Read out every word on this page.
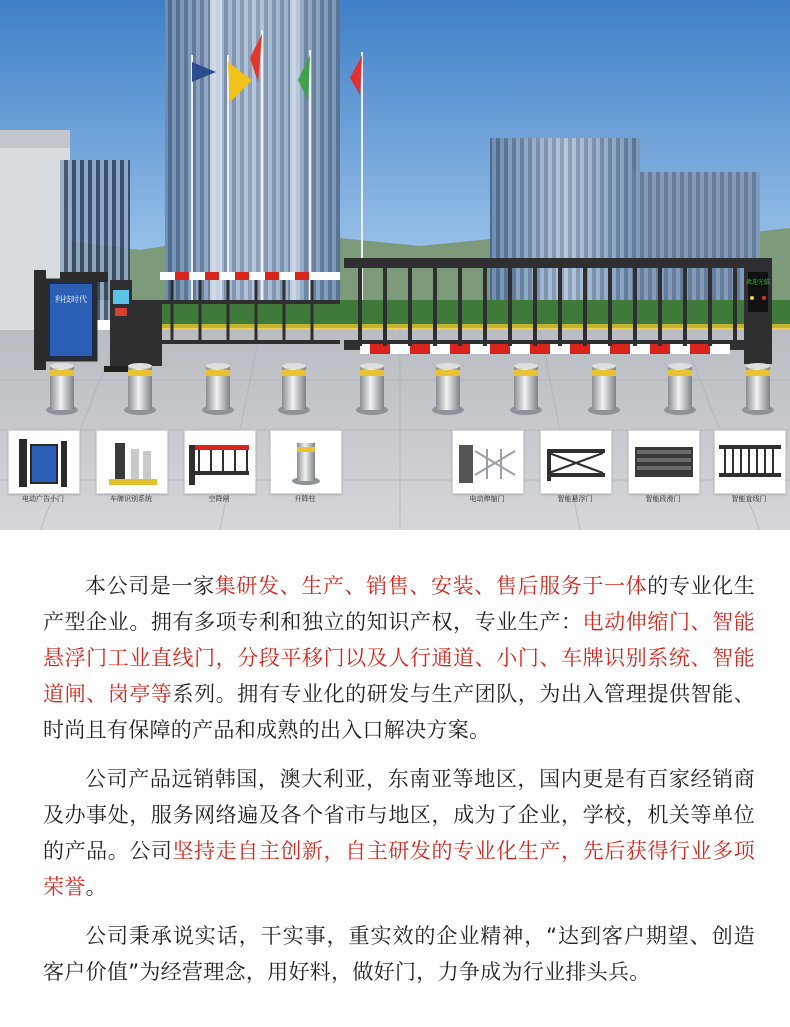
科技时代
欢迎光临
电动广告小门	车牌识别系统	空降闸	升降柱	电动伸缩门	智能悬浮门	智能段滑门	智能直线门

本公司是一家集研发、生产、销售、安装、售后服务于一体的专业化生产型企业。拥有多项专利和独立的知识产权，专业生产：电动伸缩门、智能悬浮门工业直线门，分段平移门以及人行通道、小门、车牌识别系统、智能道闸、岗亭等系列。拥有专业化的研发与生产团队，为出入管理提供智能、时尚且有保障的产品和成熟的出入口解决方案。

公司产品远销韩国，澳大利亚，东南亚等地区，国内更是有百家经销商及办事处，服务网络遍及各个省市与地区，成为了企业，学校，机关等单位的产品。公司坚持走自主创新，自主研发的专业化生产，先后获得行业多项荣誉。

公司秉承说实话，干实事，重实效的企业精神，“达到客户期望、创造客户价值”为经营理念，用好料，做好门，力争成为行业排头兵。
